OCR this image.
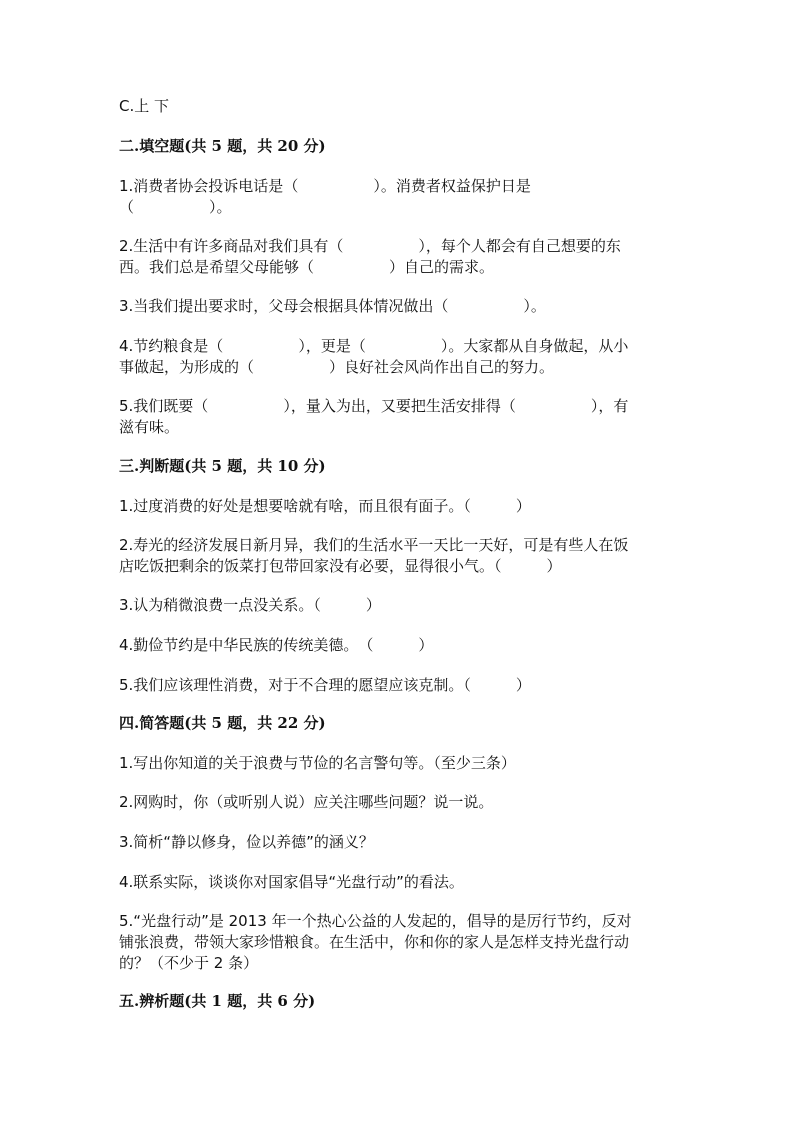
C.上 下

二.填空题(共 5 题，共 20 分)

1.消费者协会投诉电话是（　　　　　）。消费者权益保护日是

（　　　　　）。

2.生活中有许多商品对我们具有（　　　　　），每个人都会有自己想要的东

西。我们总是希望父母能够（　　　　　）自己的需求。

3.当我们提出要求时，父母会根据具体情况做出（　　　　　）。

4.节约粮食是（　　　　　），更是（　　　　　）。大家都从自身做起，从小

事做起，为形成的（　　　　　）良好社会风尚作出自己的努力。

5.我们既要（　　　　　），量入为出，又要把生活安排得（　　　　　），有

滋有味。

三.判断题(共 5 题，共 10 分)

1.过度消费的好处是想要啥就有啥，而且很有面子。（　　　）

2.寿光的经济发展日新月异，我们的生活水平一天比一天好，可是有些人在饭

店吃饭把剩余的饭菜打包带回家没有必要，显得很小气。（　　　）

3.认为稍微浪费一点没关系。（　　　）

4.勤俭节约是中华民族的传统美德。　（　　　）

5.我们应该理性消费，对于不合理的愿望应该克制。（　　　）

四.简答题(共 5 题，共 22 分)

1.写出你知道的关于浪费与节俭的名言警句等。（至少三条）

2.网购时，你（或听别人说）应关注哪些问题？说一说。

3.简析“静以修身，俭以养德”的涵义？

4.联系实际，谈谈你对国家倡导“光盘行动”的看法。

5.“光盘行动”是 2013 年一个热心公益的人发起的，倡导的是厉行节约，反对

铺张浪费，带领大家珍惜粮食。在生活中，你和你的家人是怎样支持光盘行动

的？（不少于 2 条）

五.辨析题(共 1 题，共 6 分)
